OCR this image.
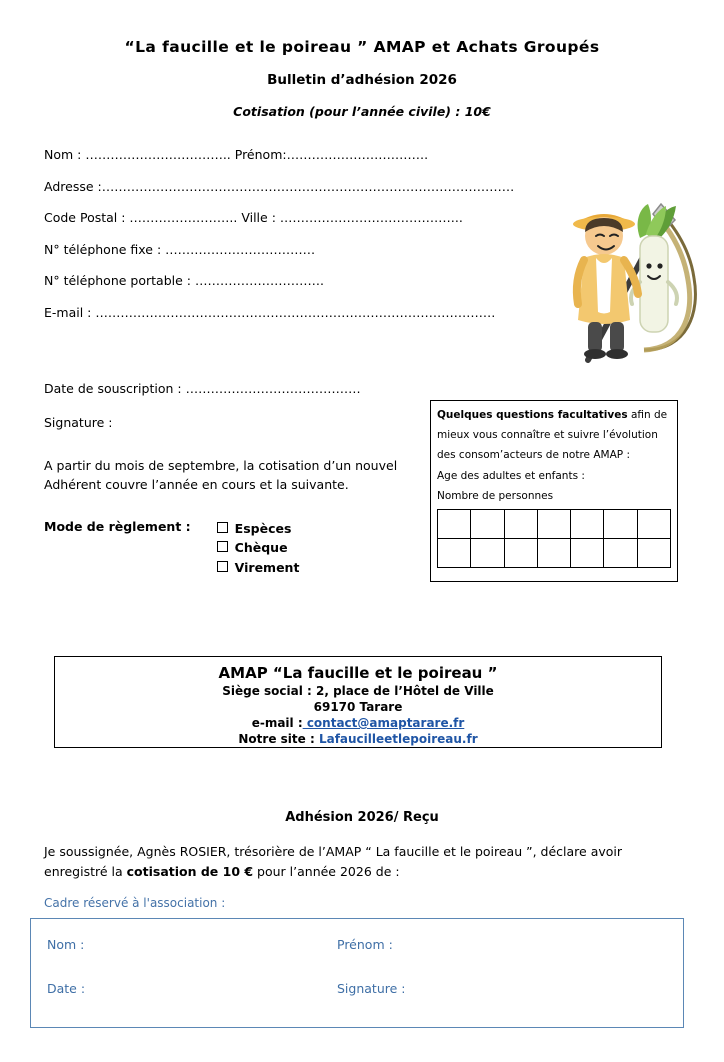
“La faucille et le poireau ” AMAP et Achats Groupés
Bulletin d’adhésion 2026
Cotisation (pour l’année civile) : 10€
Nom : …………………………….. Prénom:…………………………….
Adresse :………………………………………………………………………………………
Code Postal : …………………….. Ville : ……………………………………..
N° téléphone fixe : ………………………………
N° téléphone portable : ………………………….
E-mail : ……………………………………………………………………………………
Date de souscription : ……………………………………
Signature :
A partir du mois de septembre, la cotisation d’un nouvel Adhérent couvre l’année en cours et la suivante.
Mode de règlement :	Espèces
Chèque
Virement
Quelques questions facultatives afin de
mieux vous connaître et suivre l’évolution
des consom’acteurs de notre AMAP :
Age des adultes et enfants :
Nombre de personnes

AMAP “La faucille et le poireau ”
Siège social : 2, place de l’Hôtel de Ville
69170 Tarare
e-mail : contact@amaptarare.fr
Notre site : Lafaucilleetlepoireau.fr
Adhésion 2026/ Reçu
Je soussignée, Agnès ROSIER, trésorière de l’AMAP “ La faucille et le poireau ”, déclare avoir enregistré la cotisation de 10 € pour l’année 2026 de :
Cadre réservé à l'association :
Nom :	Prénom :
Date :	Signature :
